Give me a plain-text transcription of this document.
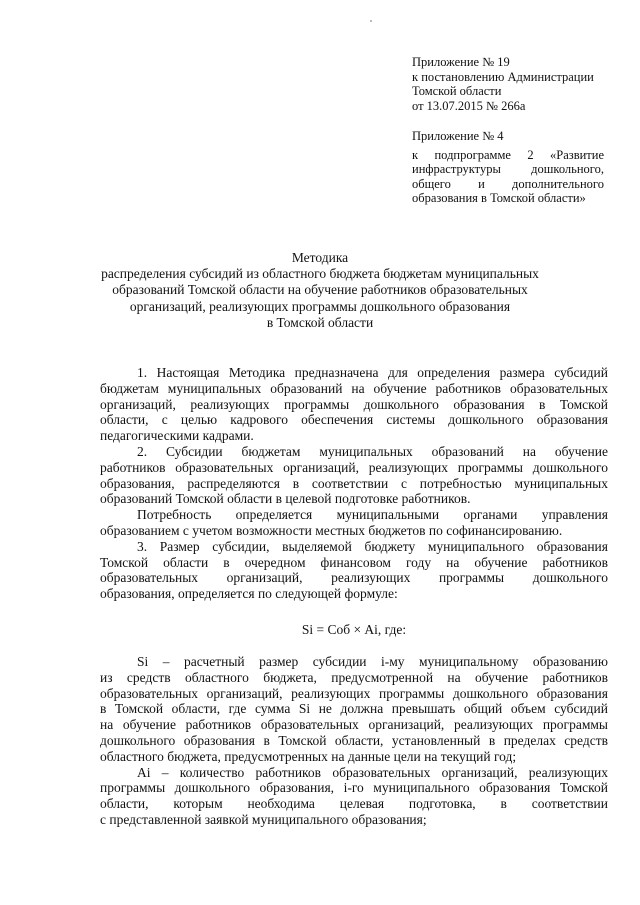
Приложение № 19
к постановлению Администрации
Томской области
от 13.07.2015 № 266а
Приложение № 4
к подпрограмме 2 «Развитие
инфраструктуры дошкольного,
общего и дополнительного
образования в Томской области»
Методика
распределения субсидий из областного бюджета бюджетам муниципальных
образований Томской области на обучение работников образовательных
организаций, реализующих программы дошкольного образования
в Томской области

1. Настоящая Методика предназначена для определения размера субсидий
бюджетам муниципальных образований на обучение работников образовательных
организаций, реализующих программы дошкольного образования в Томской
области, с целью кадрового обеспечения системы дошкольного образования
педагогическими кадрами.

2. Субсидии бюджетам муниципальных образований на обучение
работников образовательных организаций, реализующих программы дошкольного
образования, распределяются в соответствии с потребностью муниципальных
образований Томской области в целевой подготовке работников.

Потребность определяется муниципальными органами управления
образованием с учетом возможности местных бюджетов по софинансированию.

3. Размер субсидии, выделяемой бюджету муниципального образования
Томской области в очередном финансовом году на обучение работников
образовательных организаций, реализующих программы дошкольного
образования, определяется по следующей формуле:

Si = Соб × Ai, где:

Si – расчетный размер субсидии i-му муниципальному образованию
из средств областного бюджета, предусмотренной на обучение работников
образовательных организаций, реализующих программы дошкольного образования
в Томской области, где сумма Si не должна превышать общий объем субсидий
на обучение работников образовательных организаций, реализующих программы
дошкольного образования в Томской области, установленный в пределах средств
областного бюджета, предусмотренных на данные цели на текущий год;

Ai – количество работников образовательных организаций, реализующих
программы дошкольного образования, i-го муниципального образования Томской
области, которым необходима целевая подготовка, в соответствии
с представленной заявкой муниципального образования;
